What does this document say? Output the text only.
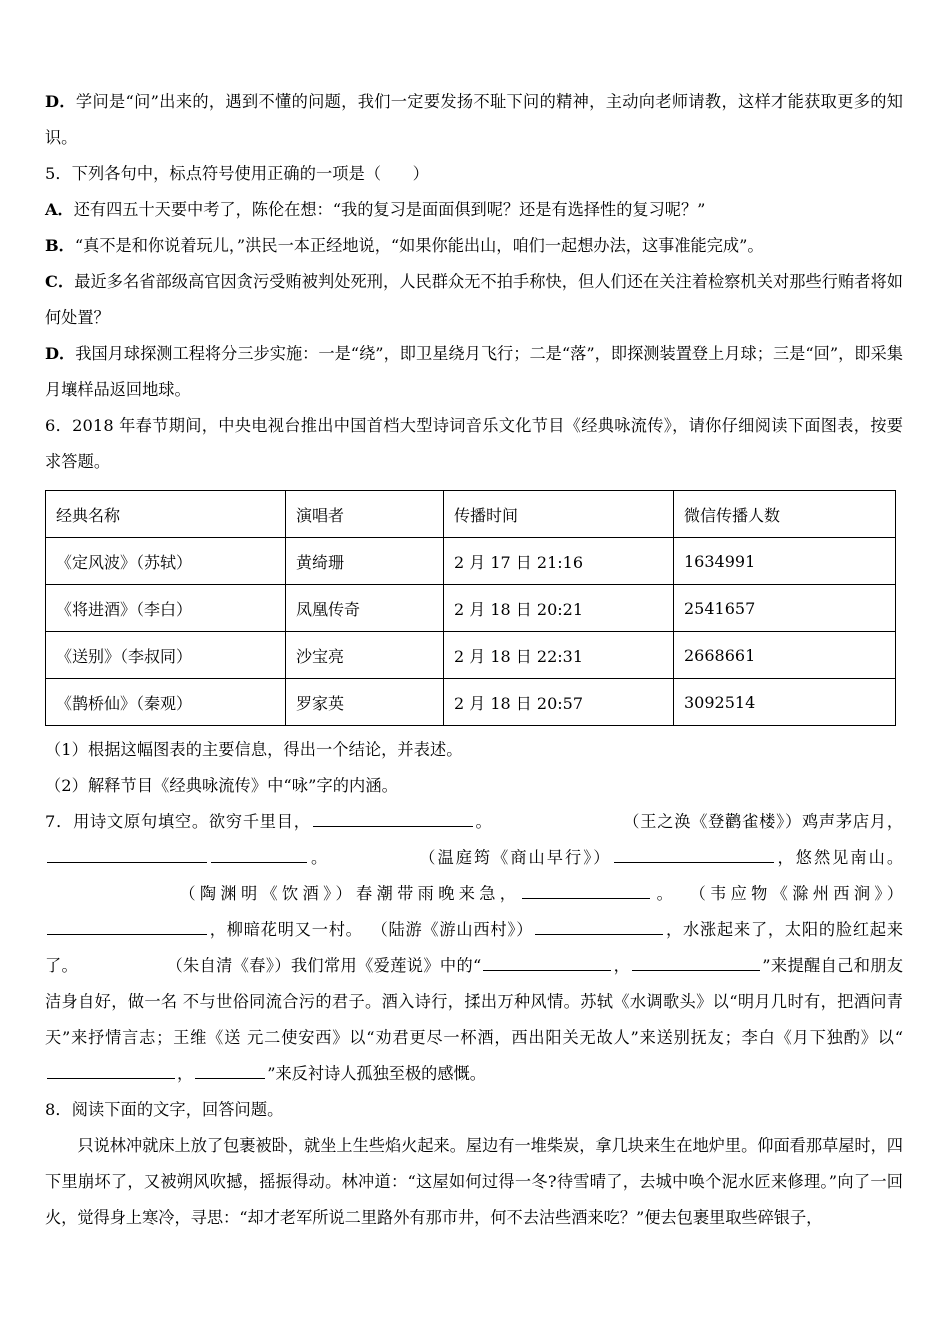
D．学问是“问”出来的，遇到不懂的问题，我们一定要发扬不耻下问的精神，主动向老师请教，这样才能获取更多的知识。
5．下列各句中，标点符号使用正确的一项是（      ）
A．还有四五十天要中考了，陈伦在想：“我的复习是面面俱到呢？还是有选择性的复习呢？”
B．“真不是和你说着玩儿，”洪民一本正经地说，“如果你能出山，咱们一起想办法，这事准能完成”。
C．最近多名省部级高官因贪污受贿被判处死刑，人民群众无不拍手称快，但人们还在关注着检察机关对那些行贿者将如何处置？
D．我国月球探测工程将分三步实施：一是“绕”，即卫星绕月飞行；二是“落”，即探测装置登上月球；三是“回”，即采集月壤样品返回地球。
6．2018 年春节期间，中央电视台推出中国首档大型诗词音乐文化节目《经典咏流传》，请你仔细阅读下面图表，按要求答题。
经典名称	演唱者	传播时间	微信传播人数
《定风波》（苏轼）	黄绮珊	2 月 17 日 21:16	1634991
《将进酒》（李白）	凤凰传奇	2 月 18 日 20:21	2541657
《送别》（李叔同）	沙宝亮	2 月 18 日 22:31	2668661
《鹊桥仙》（秦观）	罗家英	2 月 18 日 20:57	3092514
（1）根据这幅图表的主要信息，得出一个结论，并表述。
（2）解释节目《经典咏流传》中“咏”字的内涵。
7．用诗文原句填空。欲穷千里目，	。	（王之涣《登鹳雀楼》）鸡声茅店月，。	（温庭筠《商山早行》）	，悠然见南山。（陶渊明《饮酒》）春潮带雨晚来急，	。 （韦应物《滁州西涧》），柳暗花明又一村。 （陆游《游山西村》）	，水涨起来了，太阳的脸红起来了。	（朱自清《春》）我们常用《爱莲说》中的“	，	”来提醒自己和朋友洁身自好，做一名 不与世俗同流合污的君子。酒入诗行，揉出万种风情。苏轼《水调歌头》以“明月几时有，把酒问青天”来抒情言志；王维《送 元二使安西》以“劝君更尽一杯酒，西出阳关无故人”来送别抚友；李白《月下独酌》以“，	”来反衬诗人孤独至极的感慨。
8．阅读下面的文字，回答问题。
只说林冲就床上放了包裹被卧，就坐上生些焰火起来。屋边有一堆柴炭，拿几块来生在地炉里。仰面看那草屋时，四下里崩坏了，又被朔风吹撼，摇振得动。林冲道：“这屋如何过得一冬?待雪晴了，去城中唤个泥水匠来修理。”向了一回火，觉得身上寒冷，寻思：“却才老军所说二里路外有那市井，何不去沽些酒来吃？”便去包裹里取些碎银子，
